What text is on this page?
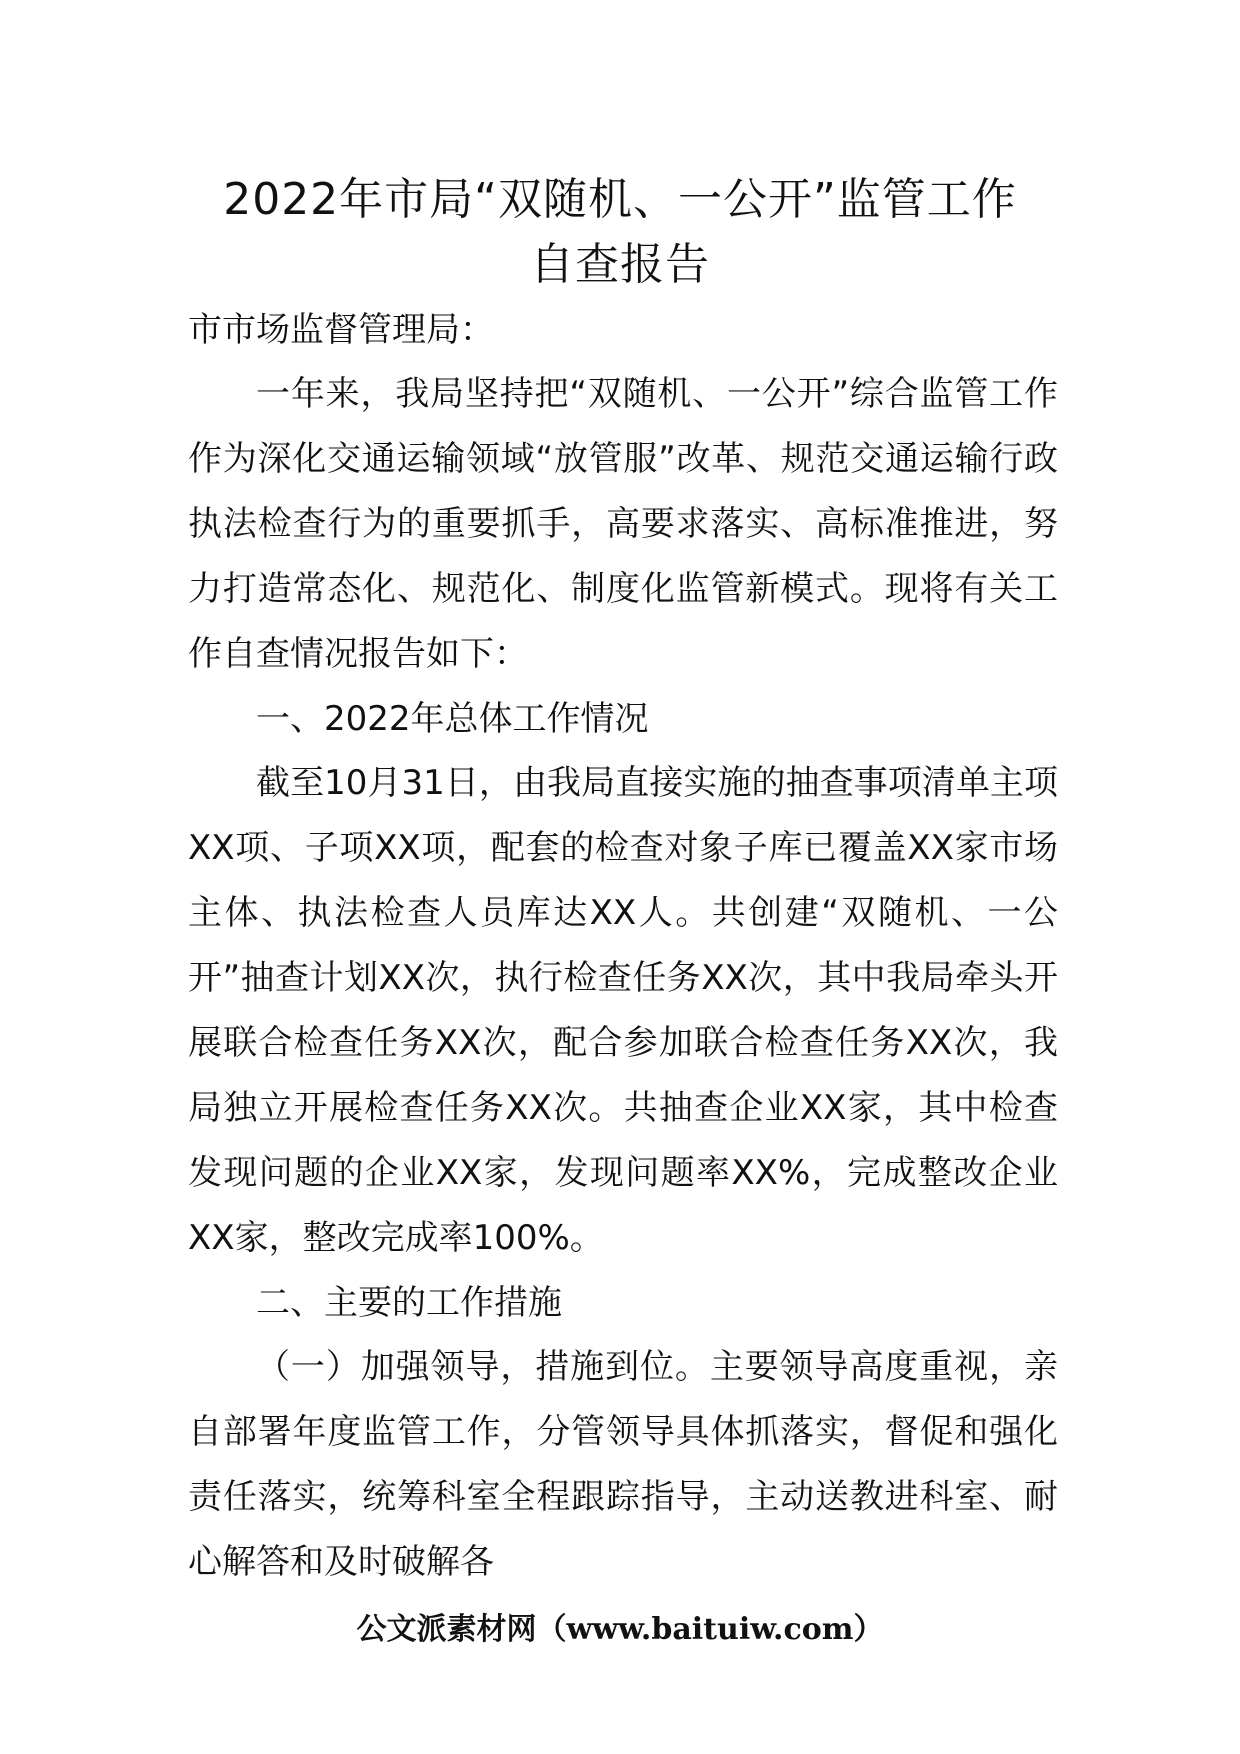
2022年市局“双随机、一公开”监管工作
自查报告

市市场监督管理局：

一年来，我局坚持把“双随机、一公开”综合监管工作作为深化交通运输领域“放管服”改革、规范交通运输行政执法检查行为的重要抓手，高要求落实、高标准推进，努力打造常态化、规范化、制度化监管新模式。现将有关工作自查情况报告如下：

一、2022年总体工作情况

截至10月31日，由我局直接实施的抽查事项清单主项XX项、子项XX项，配套的检查对象子库已覆盖XX家市场主体、执法检查人员库达XX人。共创建“双随机、一公开”抽查计划XX次，执行检查任务XX次，其中我局牵头开展联合检查任务XX次，配合参加联合检查任务XX次，我局独立开展检查任务XX次。共抽查企业XX家，其中检查发现问题的企业XX家，发现问题率XX%，完成整改企业XX家，整改完成率100%。

二、主要的工作措施

（一）加强领导，措施到位。主要领导高度重视，亲自部署年度监管工作，分管领导具体抓落实，督促和强化责任落实，统筹科室全程跟踪指导，主动送教进科室、耐心解答和及时破解各

公文派素材网（www.baituiw.com）
